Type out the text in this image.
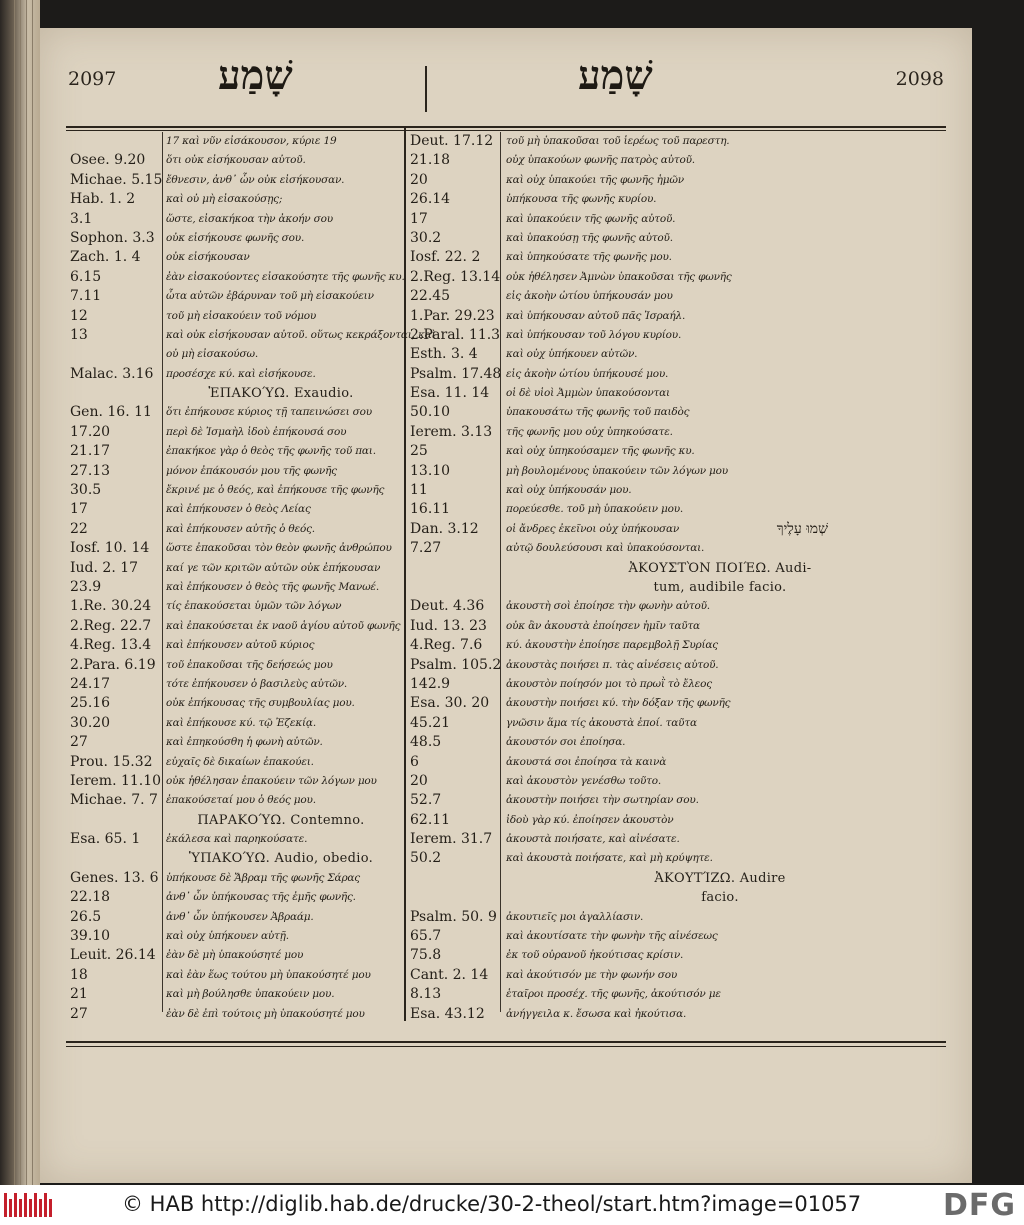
2097	שָׁמַע	שָׁמַע	2098
17 καὶ νῦν εἰσάκουσον, κύριε 19
Osee. 9.20 ὅτι οὐκ εἰσήκουσαν αὐτοῦ.
Michae. 5.15 ἔθνεσιν, ἀνθ᾽ ὧν οὐκ εἰσήκουσαν.
Hab. 1. 2	καὶ οὐ μὴ εἰσακούσῃς;
3.1	ὥστε, εἰσακήκοα τὴν ἀκοήν σου
Sophon. 3.3 οὐκ εἰσήκουσε φωνῆς σου.
Zach. 1. 4 οὐκ εἰσήκουσαν
6.15	ἐὰν εἰσακούοντες εἰσακούσητε τῆς φωνῆς κυ.
7.11	ὦτα αὐτῶν ἐβάρυναν τοῦ μὴ εἰσακούειν
12	τοῦ μὴ εἰσακούειν τοῦ νόμου
13	καὶ οὐκ εἰσήκουσαν αὐτοῦ. οὕτως κεκράξονται, καὶ
οὐ μὴ εἰσακούσω.
Malac. 3.16 προσέσχε κύ. καὶ εἰσήκουσε.
ἘΠΑΚΟΎΩ. Exaudio.
Gen. 16. 11 ὅτι ἐπήκουσε κύριος τῇ ταπεινώσει σου
17.20	περὶ δὲ Ἰσμαὴλ ἰδοὺ ἐπήκουσά σου
21.17	ἐπακήκοε γὰρ ὁ θεὸς τῆς φωνῆς τοῦ παι.
27.13	μόνον ἐπάκουσόν μου τῆς φωνῆς
30.5	ἔκρινέ με ὁ θεός, καὶ ἐπήκουσε τῆς φωνῆς
17	καὶ ἐπήκουσεν ὁ θεὸς Λείας
22	καὶ ἐπήκουσεν αὐτῆς ὁ θεός.
Iosf. 10. 14 ὥστε ἐπακοῦσαι τὸν θεὸν φωνῆς ἀνθρώπου
Iud. 2. 17	καί γε τῶν κριτῶν αὐτῶν οὐκ ἐπήκουσαν
23.9	καὶ ἐπήκουσεν ὁ θεὸς τῆς φωνῆς Μανωέ.
1.Re. 30.24 τίς ἐπακούσεται ὑμῶν τῶν λόγων
2.Reg. 22.7 καὶ ἐπακούσεται ἐκ ναοῦ ἁγίου αὐτοῦ φωνῆς
4.Reg. 13.4 καὶ ἐπήκουσεν αὐτοῦ κύριος
2.Para. 6.19 τοῦ ἐπακοῦσαι τῆς δεήσεώς μου
24.17	τότε ἐπήκουσεν ὁ βασιλεὺς αὐτῶν.
25.16	οὐκ ἐπήκουσας τῆς συμβουλίας μου.
30.20	καὶ ἐπήκουσε κύ. τῷ Ἐζεκίᾳ.
27	καὶ ἐπηκούσθη ἡ φωνὴ αὐτῶν.
Prou. 15.32 εὐχαῖς δὲ δικαίων ἐπακούει.
Ierem. 11.10 οὐκ ἠθέλησαν ἐπακούειν τῶν λόγων μου
Michae. 7. 7 ἐπακούσεταί μου ὁ θεός μου.
ΠΑΡΑΚΟΎΩ. Contemno.
Esa. 65. 1 ἐκάλεσα καὶ παρηκούσατε.
ὙΠΑΚΟΎΩ. Audio, obedio.
Genes. 13. 6 ὑπήκουσε δὲ Ἄβραμ τῆς φωνῆς Σάρας
22.18	ἀνθ᾽ ὧν ὑπήκουσας τῆς ἐμῆς φωνῆς.
26.5	ἀνθ᾽ ὧν ὑπήκουσεν Ἀβραάμ.
39.10	καὶ οὐχ ὑπήκουεν αὐτῇ.
Leuit. 26.14 ἐὰν δὲ μὴ ὑπακούσητέ μου
18	καὶ ἐὰν ἕως τούτου μὴ ὑπακούσητέ μου
21	καὶ μὴ βούλησθε ὑπακούειν μου.
27	ἐὰν δὲ ἐπὶ τούτοις μὴ ὑπακούσητέ μου
Deut. 17.12 τοῦ μὴ ὑπακοῦσαι τοῦ ἱερέως τοῦ παρεστη.
21.18	οὐχ ὑπακούων φωνῆς πατρὸς αὐτοῦ.
20	καὶ οὐχ ὑπακούει τῆς φωνῆς ἡμῶν
26.14	ὑπήκουσα τῆς φωνῆς κυρίου.
17	καὶ ὑπακούειν τῆς φωνῆς αὐτοῦ.
30.2	καὶ ὑπακούσῃ τῆς φωνῆς αὐτοῦ.
Iosf. 22. 2 καὶ ὑπηκούσατε τῆς φωνῆς μου.
2.Reg. 13.14 οὐκ ἠθέλησεν Ἀμνὼν ὑπακοῦσαι τῆς φωνῆς
22.45	εἰς ἀκοὴν ὠτίου ὑπήκουσάν μου
1.Par. 29.23 καὶ ὑπήκουσαν αὐτοῦ πᾶς Ἰσραήλ.
2.Paral. 11.3 καὶ ὑπήκουσαν τοῦ λόγου κυρίου.
Esth. 3. 4	καὶ οὐχ ὑπήκουεν αὐτῶν.
Psalm. 17.48 εἰς ἀκοὴν ὠτίου ὑπήκουσέ μου.
Esa. 11. 14 οἱ δὲ υἱοὶ Ἀμμὼν ὑπακούσονται
50.10	ὑπακουσάτω τῆς φωνῆς τοῦ παιδὸς
Ierem. 3.13 τῆς φωνῆς μου οὐχ ὑπηκούσατε.
25	καὶ οὐχ ὑπηκούσαμεν τῆς φωνῆς κυ.
13.10	μὴ βουλομένους ὑπακούειν τῶν λόγων μου
11	καὶ οὐχ ὑπήκουσάν μου.
16.11	πορεύεσθε. τοῦ μὴ ὑπακούειν μου.
Dan. 3.12	οἱ ἄνδρες ἐκεῖνοι οὐχ ὑπήκουσαν	שְׁמוּ עָלֶיךָ
7.27	αὐτῷ δουλεύσουσι καὶ ὑπακούσονται.
ἈΚΟΥΣΤῸΝ ΠΟΙΈΩ. Audi-
tum, audibile facio.
Deut. 4.36 ἀκουστὴ σοὶ ἐποίησε τὴν φωνὴν αὐτοῦ.
Iud. 13. 23 οὐκ ἂν ἀκουστὰ ἐποίησεν ἡμῖν ταῦτα
4.Reg. 7.6 κύ. ἀκουστὴν ἐποίησε παρεμβολῇ Συρίας
Psalm. 105.2 ἀκουστὰς ποιήσει π. τὰς αἰνέσεις αὐτοῦ.
142.9	ἀκουστὸν ποίησόν μοι τὸ πρωῒ τὸ ἔλεος
Esa. 30. 20 ἀκουστὴν ποιήσει κύ. τὴν δόξαν τῆς φωνῆς
45.21	γνῶσιν ἅμα τίς ἀκουστὰ ἐποί. ταῦτα
48.5	ἀκουστόν σοι ἐποίησα.
6	ἀκουστά σοι ἐποίησα τὰ καινὰ
20	καὶ ἀκουστὸν γενέσθω τοῦτο.
52.7	ἀκουστὴν ποιήσει τὴν σωτηρίαν σου.
62.11	ἰδοὺ γὰρ κύ. ἐποίησεν ἀκουστὸν
Ierem. 31.7 ἀκουστὰ ποιήσατε, καὶ αἰνέσατε.
50.2	καὶ ἀκουστὰ ποιήσατε, καὶ μὴ κρύψητε.
ἈΚΟΥΤΊΖΩ. Audire
facio.
Psalm. 50. 9 ἀκουτιεῖς μοι ἀγαλλίασιν.
65.7	καὶ ἀκουτίσατε τὴν φωνὴν τῆς αἰνέσεως
75.8	ἐκ τοῦ οὐρανοῦ ἠκούτισας κρίσιν.
Cant. 2. 14 καὶ ἀκούτισόν με τὴν φωνήν σου
8.13	ἑταῖροι προσέχ. τῆς φωνῆς, ἀκούτισόν με
Esa. 43.12 ἀνήγγειλα κ. ἔσωσα καὶ ἠκούτισα.
© HAB http://diglib.hab.de/drucke/30-2-theol/start.htm?image=01057	DFG
